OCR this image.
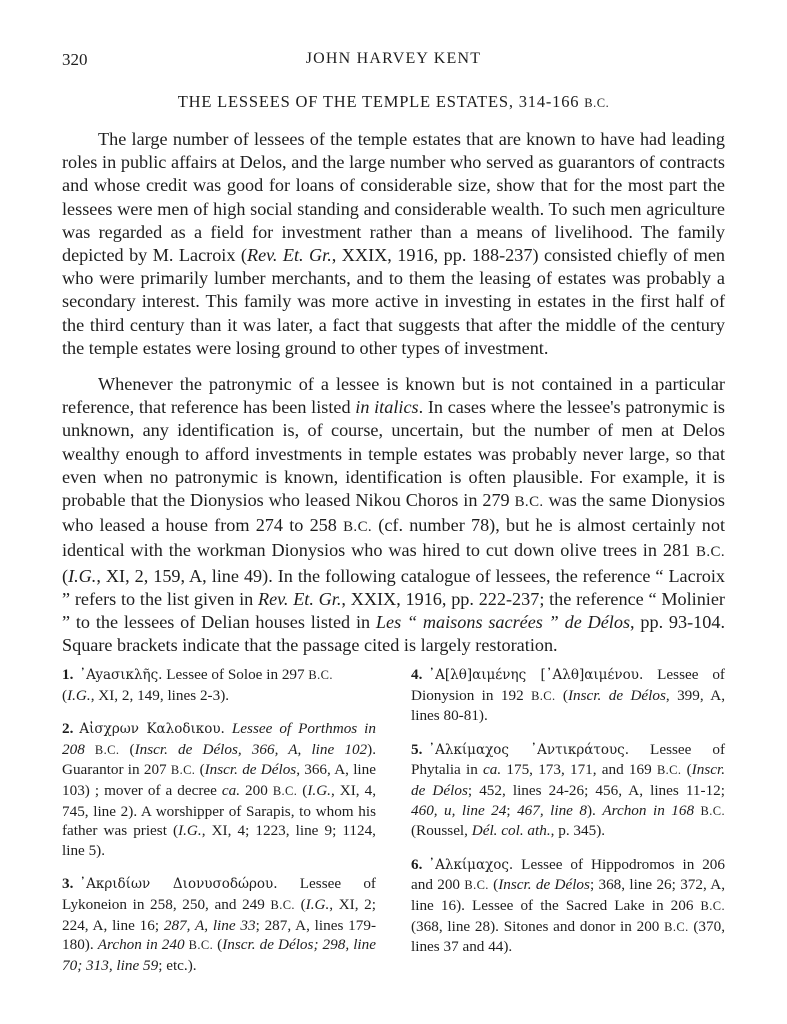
320	JOHN HARVEY KENT
THE LESSEES OF THE TEMPLE ESTATES, 314-166 B.C.

The large number of lessees of the temple estates that are known to have had leading roles in public affairs at Delos, and the large number who served as guarantors of contracts and whose credit was good for loans of considerable size, show that for the most part the lessees were men of high social standing and considerable wealth. To such men agriculture was regarded as a field for investment rather than a means of livelihood. The family depicted by M. Lacroix (Rev. Et. Gr., XXIX, 1916, pp. 188-237) consisted chiefly of men who were primarily lumber merchants, and to them the leasing of estates was probably a secondary interest. This family was more active in investing in estates in the first half of the third century than it was later, a fact that suggests that after the middle of the century the temple estates were losing ground to other types of investment.

Whenever the patronymic of a lessee is known but is not contained in a particular reference, that reference has been listed in italics. In cases where the lessee's patronymic is unknown, any identification is, of course, uncertain, but the number of men at Delos wealthy enough to afford investments in temple estates was probably never large, so that even when no patronymic is known, identification is often plausible. For example, it is probable that the Dionysios who leased Nikou Choros in 279 B.C. was the same Dionysios who leased a house from 274 to 258 B.C. (cf. number 78), but he is almost certainly not identical with the workman Dionysios who was hired to cut down olive trees in 281 B.C. (I.G., XI, 2, 159, A, line 49). In the following catalogue of lessees, the reference “ Lacroix ” refers to the list given in Rev. Et. Gr., XXIX, 1916, pp. 222-237; the reference “ Molinier ” to the lessees of Delian houses listed in Les “ maisons sacrées ” de Délos, pp. 93-104. Square brackets indicate that the passage cited is largely restoration.

1. ᾿Ayaσικλῆς. Lessee of Soloe in 297 B.C.
(I.G., XI, 2, 149, lines 2-3).

2. Αἰσχρων Καλοδικου. Lessee of Porthmos in 208 B.C. (Inscr. de Délos, 366, A, line 102). Guarantor in 207 B.C. (Inscr. de Délos, 366, A, line 103) ; mover of a decree ca. 200 B.C. (I.G., XI, 4, 745, line 2). A worshipper of Sarapis, to whom his father was priest (I.G., XI, 4; 1223, line 9; 1124, line 5).

3. ᾿Ακριδίων Διονυσοδώρου. Lessee of Lykoneion in 258, 250, and 249 B.C. (I.G., XI, 2; 224, A, line 16; 287, A, line 33; 287, A, lines 179-180). Archon in 240 B.C. (Inscr. de Délos; 298, line 70; 313, line 59; etc.).

4. ᾿Α[λθ]αιμένης [᾿Αλθ]αιμένου. Lessee of Dionysion in 192 B.C. (Inscr. de Délos, 399, A, lines 80-81).

5. ᾿Αλκίμαχος ᾿Αντικράτους. Lessee of Phytalia in ca. 175, 173, 171, and 169 B.C. (Inscr. de Délos; 452, lines 24-26; 456, A, lines 11-12; 460, u, line 24; 467, line 8). Archon in 168 B.C. (Roussel, Dél. col. ath., p. 345).

6. ᾿Αλκίμαχος. Lessee of Hippodromos in 206 and 200 B.C. (Inscr. de Délos; 368, line 26; 372, A, line 16). Lessee of the Sacred Lake in 206 B.C. (368, line 28). Sitones and donor in 200 B.C. (370, lines 37 and 44).
